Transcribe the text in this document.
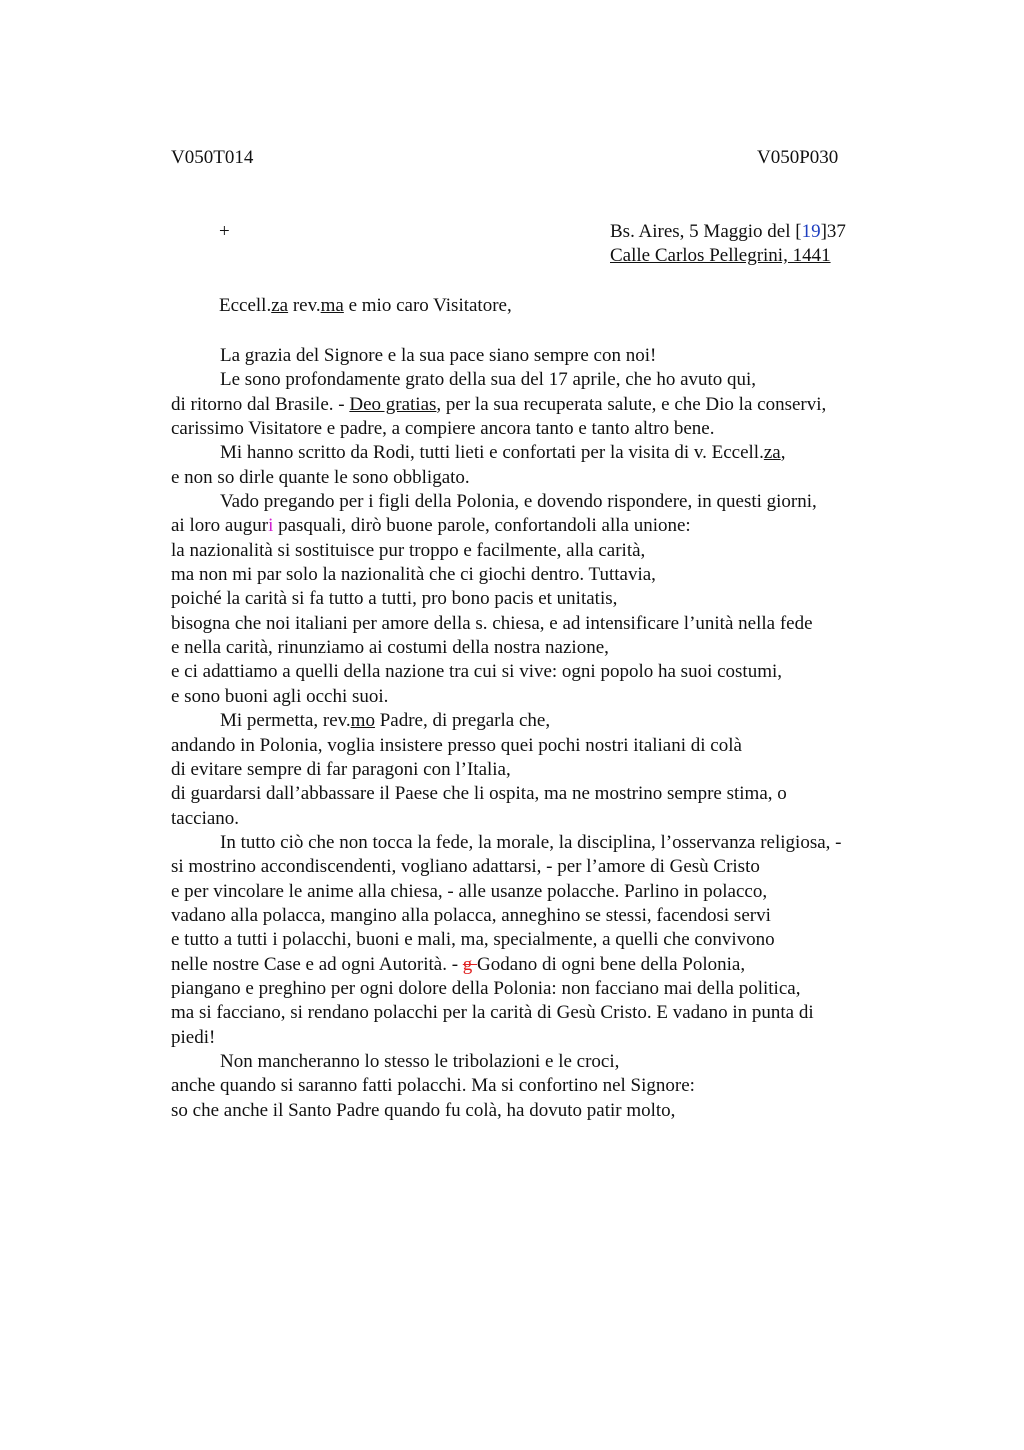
V050T014	V050P030
+	Bs. Aires, 5 Maggio del [19]37
Calle Carlos Pellegrini, 1441
Eccell.za rev.ma e mio caro Visitatore,
La grazia del Signore e la sua pace siano sempre con noi!
Le sono profondamente grato della sua del 17 aprile, che ho avuto qui,
di ritorno dal Brasile. - Deo gratias, per la sua recuperata salute, e che Dio la conservi,
carissimo Visitatore e padre, a compiere ancora tanto e tanto altro bene.
Mi hanno scritto da Rodi, tutti lieti e confortati per la visita di v. Eccell.za,
e non so dirle quante le sono obbligato.
Vado pregando per i figli della Polonia, e dovendo rispondere, in questi giorni,
ai loro auguri pasquali, dirò buone parole, confortandoli alla unione:
la nazionalità si sostituisce pur troppo e facilmente, alla carità,
ma non mi par solo la nazionalità che ci giochi dentro. Tuttavia,
poiché la carità si fa tutto a tutti, pro bono pacis et unitatis,
bisogna che noi italiani per amore della s. chiesa, e ad intensificare l’unità nella fede
e nella carità, rinunziamo ai costumi della nostra nazione,
e ci adattiamo a quelli della nazione tra cui si vive: ogni popolo ha suoi costumi,
e sono buoni agli occhi suoi.
Mi permetta, rev.mo Padre, di pregarla che,
andando in Polonia, voglia insistere presso quei pochi nostri italiani di colà
di evitare sempre di far paragoni con l’Italia,
di guardarsi dall’abbassare il Paese che li ospita, ma ne mostrino sempre stima, o
tacciano.
In tutto ciò che non tocca la fede, la morale, la disciplina, l’osservanza religiosa, -
si mostrino accondiscendenti, vogliano adattarsi, - per l’amore di Gesù Cristo
e per vincolare le anime alla chiesa, - alle usanze polacche. Parlino in polacco,
vadano alla polacca, mangino alla polacca, anneghino se stessi, facendosi servi
e tutto a tutti i polacchi, buoni e mali, ma, specialmente, a quelli che convivono
nelle nostre Case e ad ogni Autorità. - g Godano di ogni bene della Polonia,
piangano e preghino per ogni dolore della Polonia: non facciano mai della politica,
ma si facciano, si rendano polacchi per la carità di Gesù Cristo. E vadano in punta di
piedi!
Non mancheranno lo stesso le tribolazioni e le croci,
anche quando si saranno fatti polacchi. Ma si confortino nel Signore:
so che anche il Santo Padre quando fu colà, ha dovuto patir molto,
